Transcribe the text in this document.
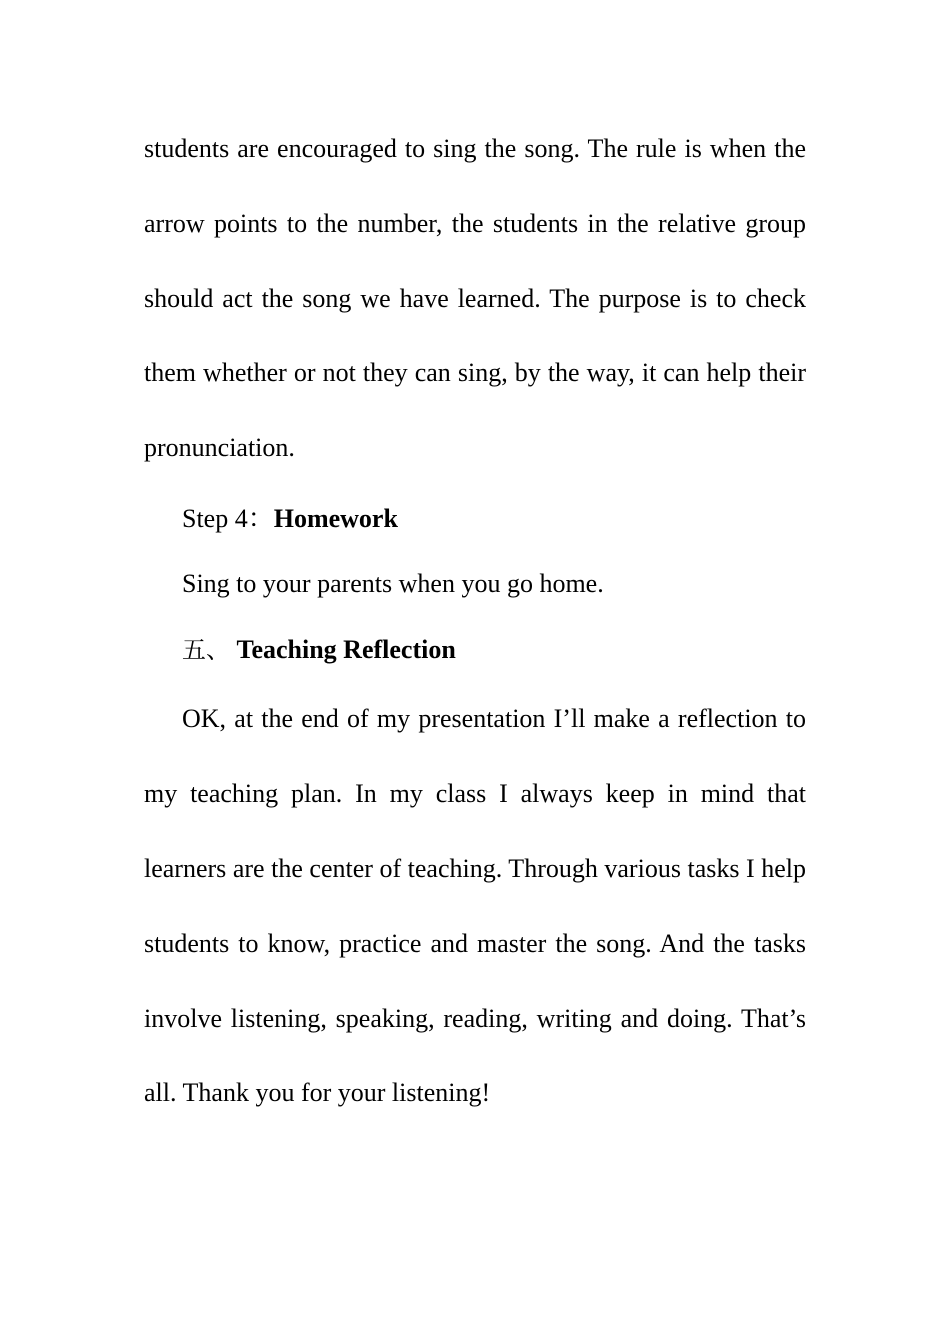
students are encouraged to sing the song. The rule is when the arrow points to the number, the students in the relative group should act the song we have learned. The purpose is to check them whether or not they can sing, by the way, it can help their pronunciation.

Step 4：Homework

Sing to your parents when you go home.

五、 Teaching Reflection

OK, at the end of my presentation I’ll make a reflection to my teaching plan. In my class I always keep in mind that learners are the center of teaching. Through various tasks I help students to know, practice and master the song. And the tasks involve listening, speaking, reading, writing and doing. That’s all. Thank you for your listening!
